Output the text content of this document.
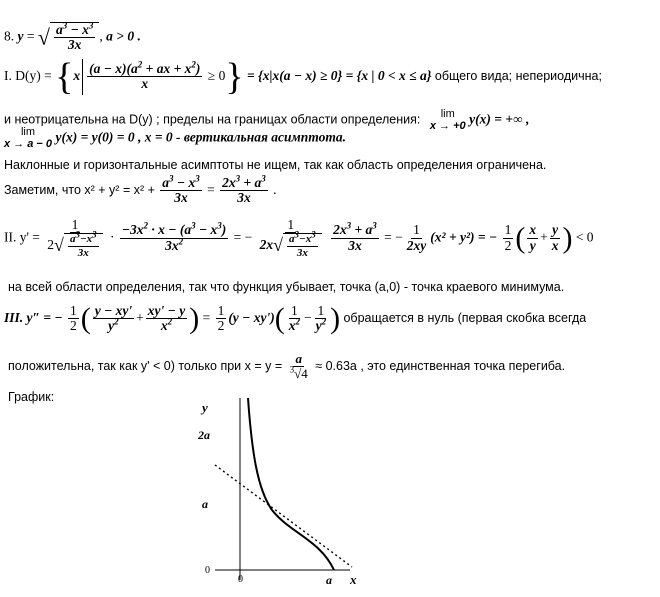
8. y = √ $\frac{a^3 - x^3}{3x}$ , a > 0 .
I. $D(y) = \{x \frac{(a - x)(a^2 + ax + x^2)}{x} \ge 0\} = \{x|x(a - x) \ge 0\} = \{x$ | 0 < x ≤ a} общего вида; непериодична;
и неотрицательна на D(y) ; пределы на границах области определения: lim
x → +0 y(x) = +∞ ,
lim
x → a − 0 y(x) = y(0) = 0 , x = 0 - вертикальная асимптота.
Наклонные и горизонтальные асимптоты не ищем, так как область определения ограничена.
Заметим, что $x^2 + y^2 = x^2 + \frac{a^3 - x^3}{3x} = \frac{2x^3 + a^3}{3x}$ .
II. $y' = \frac{1}{2√ \frac{a^3-x^3}{3x}} \cdot \frac{-3x^2 \cdot x - (a^3 - x^3)}{3x^2}$ = − $\frac{1}{2x√ \frac{a^3-x^3}{3x}}$
$\frac{2x^3 + a^3}{3x}$ = − $\frac{1}{2xy} (x^2 + y^2)$ = − $\frac{1}{2}$ ( $\frac{x}{y} + \frac{y}{x}$ ) < 0
на всей области определения, так что функция убывает, точка (a,0) - точка краевого минимума.
III. y″ = − $\frac{1}{2}$ ( $\frac{y - xy'}{y^2} + \frac{xy' - y}{x^2}$ ) = $\frac{1}{2} (y - xy')( \frac{1}{x^2} - \frac{1}{y^2}$ ) обращается в нуль (первая скобка всегда
положительна, так как y' < 0) только при $x = y = \frac{a}{^3√4} \approx 0.63a$ , это единственная точка перегиба.
График:
y
2a
a
0
0	a x
